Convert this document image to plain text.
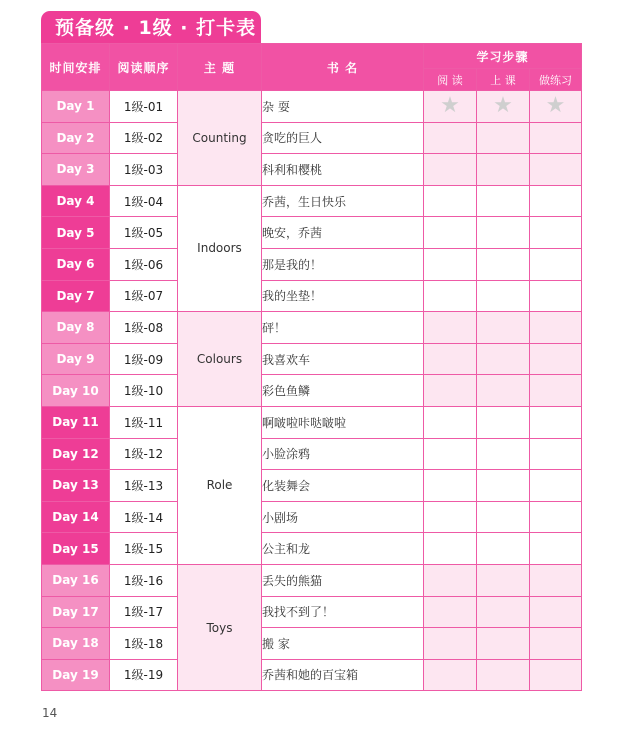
预备级 · 1级 · 打卡表
时间安排	阅读顺序	主 题	书 名	学习步骤		
				阅 读	上 课	做练习
Day 1	1级-01	Counting	杂 耍	★	★	★
Day 2	1级-02		贪吃的巨人			
Day 3	1级-03		科利和樱桃			
Day 4	1级-04	Indoors	乔茜，生日快乐			
Day 5	1级-05		晚安，乔茜			
Day 6	1级-06		那是我的！			
Day 7	1级-07		我的坐垫！			
Day 8	1级-08	Colours	砰！			
Day 9	1级-09		我喜欢车			
Day 10	1级-10		彩色鱼鳞			
Day 11	1级-11	Role	啊啵啦咔哒啵啦			
Day 12	1级-12		小脸涂鸦			
Day 13	1级-13		化装舞会			
Day 14	1级-14		小剧场			
Day 15	1级-15		公主和龙			
Day 16	1级-16	Toys	丢失的熊猫			
Day 17	1级-17		我找不到了！			
Day 18	1级-18		搬 家			
Day 19	1级-19		乔茜和她的百宝箱			
14
